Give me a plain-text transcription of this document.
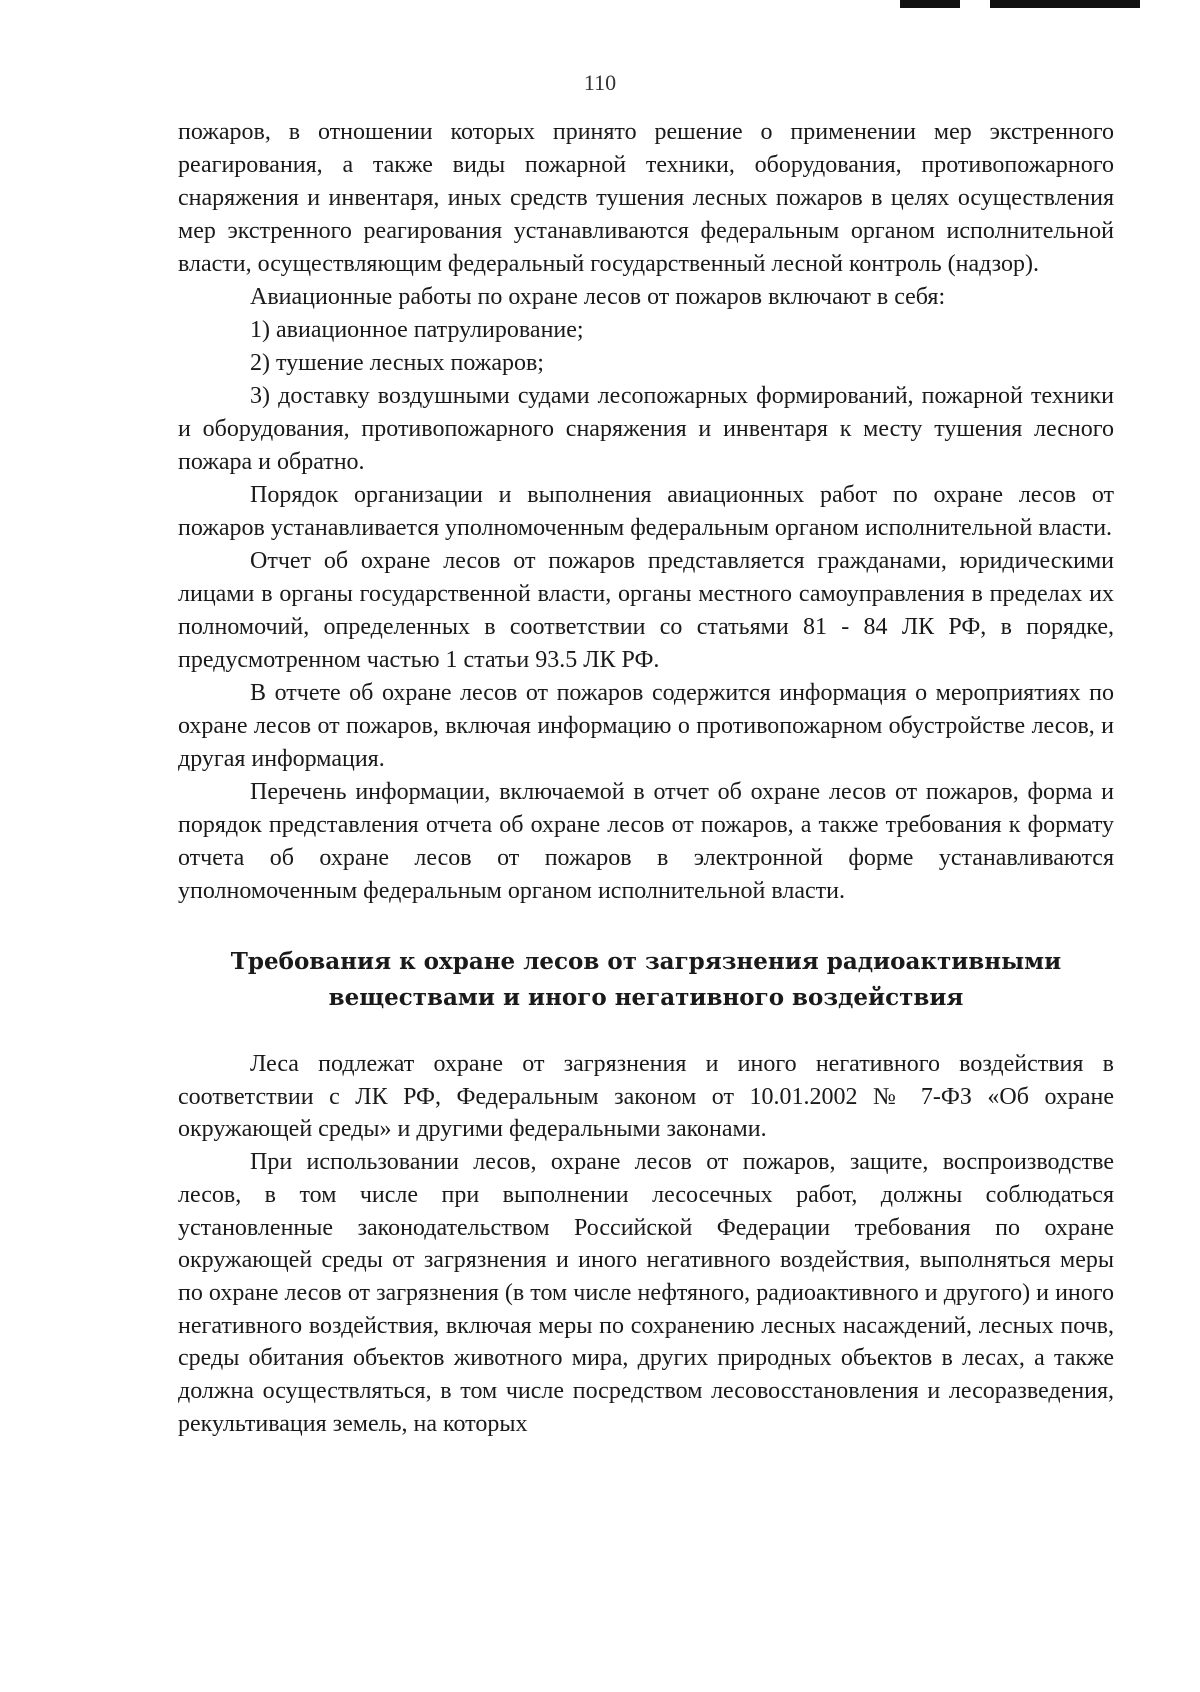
110

пожаров, в отношении которых принято решение о применении мер экстренного реагирования, а также виды пожарной техники, оборудования, противопожарного снаряжения и инвентаря, иных средств тушения лесных пожаров в целях осуществления мер экстренного реагирования устанавливаются федеральным органом исполнительной власти, осуществляющим федеральный государственный лесной контроль (надзор).

Авиационные работы по охране лесов от пожаров включают в себя:

1) авиационное патрулирование;

2) тушение лесных пожаров;

3) доставку воздушными судами лесопожарных формирований, пожарной техники и оборудования, противопожарного снаряжения и инвентаря к месту тушения лесного пожара и обратно.

Порядок организации и выполнения авиационных работ по охране лесов от пожаров устанавливается уполномоченным федеральным органом исполнительной власти.

Отчет об охране лесов от пожаров представляется гражданами, юридическими лицами в органы государственной власти, органы местного самоуправления в пределах их полномочий, определенных в соответствии со статьями 81 - 84 ЛК РФ, в порядке, предусмотренном частью 1 статьи 93.5 ЛК РФ.

В отчете об охране лесов от пожаров содержится информация о мероприятиях по охране лесов от пожаров, включая информацию о противопожарном обустройстве лесов, и другая информация.

Перечень информации, включаемой в отчет об охране лесов от пожаров, форма и порядок представления отчета об охране лесов от пожаров, а также требования к формату отчета об охране лесов от пожаров в электронной форме устанавливаются уполномоченным федеральным органом исполнительной власти.

Требования к охране лесов от загрязнения радиоактивными
веществами и иного негативного воздействия

Леса подлежат охране от загрязнения и иного негативного воздействия в соответствии с ЛК РФ, Федеральным законом от 10.01.2002 № 7-ФЗ «Об охране окружающей среды» и другими федеральными законами.

При использовании лесов, охране лесов от пожаров, защите, воспроизводстве лесов, в том числе при выполнении лесосечных работ, должны соблюдаться установленные законодательством Российской Федерации требования по охране окружающей среды от загрязнения и иного негативного воздействия, выполняться меры по охране лесов от загрязнения (в том числе нефтяного, радиоактивного и другого) и иного негативного воздействия, включая меры по сохранению лесных насаждений, лесных почв, среды обитания объектов животного мира, других природных объектов в лесах, а также должна осуществляться, в том числе посредством лесовосстановления и лесоразведения, рекультивация земель, на которых
